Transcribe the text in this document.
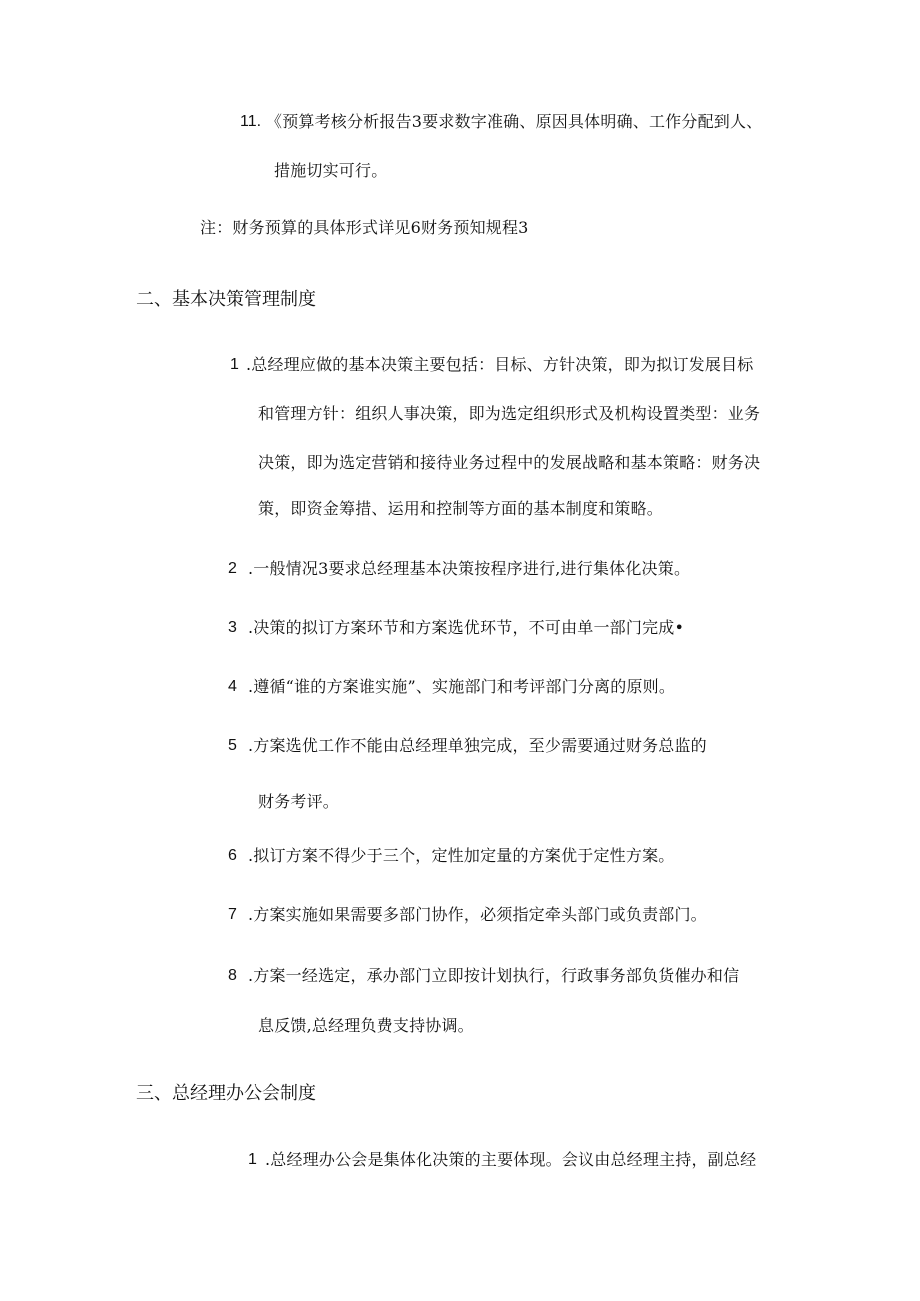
11. 《预算考核分析报告3要求数字准确、原因具体明确、工作分配到人、
措施切实可行。
注：财务预算的具体形式详见6财务预知规程3
二、基本决策管理制度
1 .总经理应做的基本决策主要包括：目标、方针决策，即为拟订发展目标
和管理方针：组织人事决策，即为选定组织形式及机构设置类型：业务
决策，即为选定营销和接待业务过程中的发展战略和基本策略：财务决
策，即资金筹措、运用和控制等方面的基本制度和策略。
2 .一般情况3要求总经理基本决策按程序进行,进行集体化决策。
3 .决策的拟订方案环节和方案选优环节，不可由单一部门完成•
4 .遵循“谁的方案谁实施”、实施部门和考评部门分离的原则。
5 .方案选优工作不能由总经理单独完成，至少需要通过财务总监的
财务考评。
6 .拟订方案不得少于三个，定性加定量的方案优于定性方案。
7 .方案实施如果需要多部门协作，必须指定牵头部门或负责部门。
8 .方案一经选定，承办部门立即按计划执行，行政事务部负货催办和信
息反馈,总经理负费支持协调。
三、总经理办公会制度
1 .总经理办公会是集体化决策的主要体现。会议由总经理主持，副总经
